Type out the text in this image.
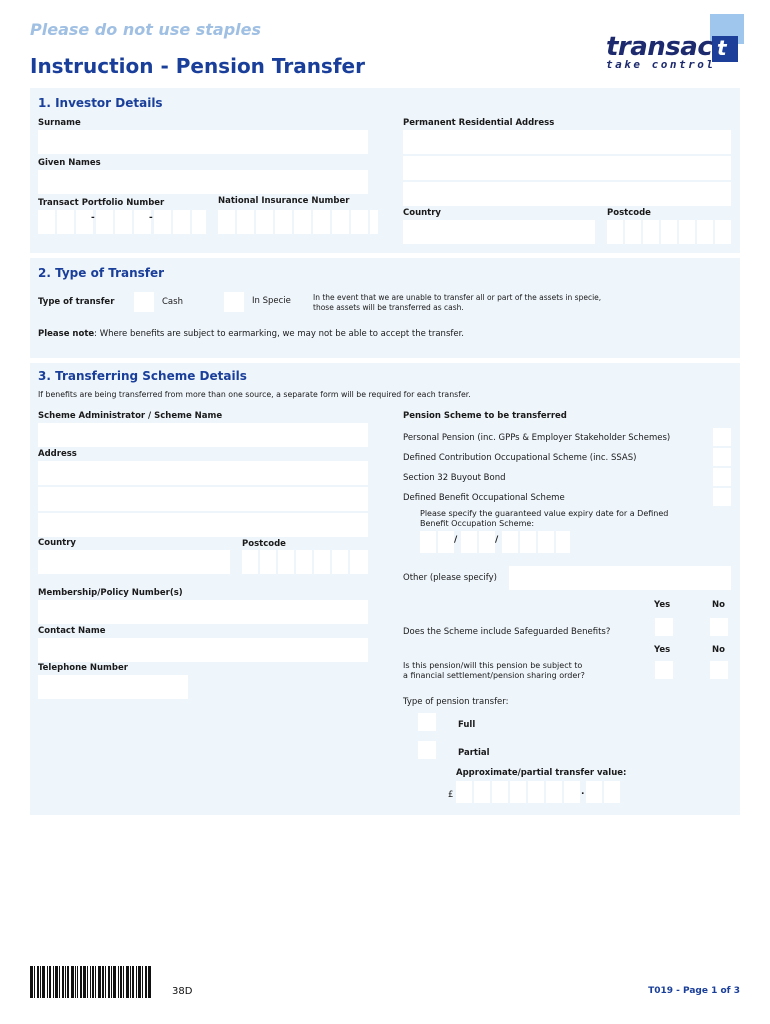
Please do not use staples
Instruction - Pension Transfer
transac t
take control
1. Investor Details
Surname
Given Names
Transact Portfolio Number	National Insurance Number
-	-
Permanent Residential Address
Country	Postcode
2. Type of Transfer
Type of transfer	Cash	In Specie	In the event that we are unable to transfer all or part of the assets in specie,
those assets will be transferred as cash.
Please note: Where benefits are subject to earmarking, we may not be able to accept the transfer.
3. Transferring Scheme Details
If benefits are being transferred from more than one source, a separate form will be required for each transfer.
Scheme Administrator / Scheme Name
Address
Country	Postcode
Membership/Policy Number(s)
Contact Name
Telephone Number
Pension Scheme to be transferred
Personal Pension (inc. GPPs & Employer Stakeholder Schemes)
Defined Contribution Occupational Scheme (inc. SSAS)
Section 32 Buyout Bond
Defined Benefit Occupational Scheme
Please specify the guaranteed value expiry date for a Defined
Benefit Occupation Scheme:
/	/
Other (please specify)
Yes	No
Does the Scheme include Safeguarded Benefits?
Yes	No
Is this pension/will this pension be subject to
a financial settlement/pension sharing order?
Type of pension transfer:
Full
Partial
Approximate/partial transfer value:
£	.
38D	T019 - Page 1 of 3
